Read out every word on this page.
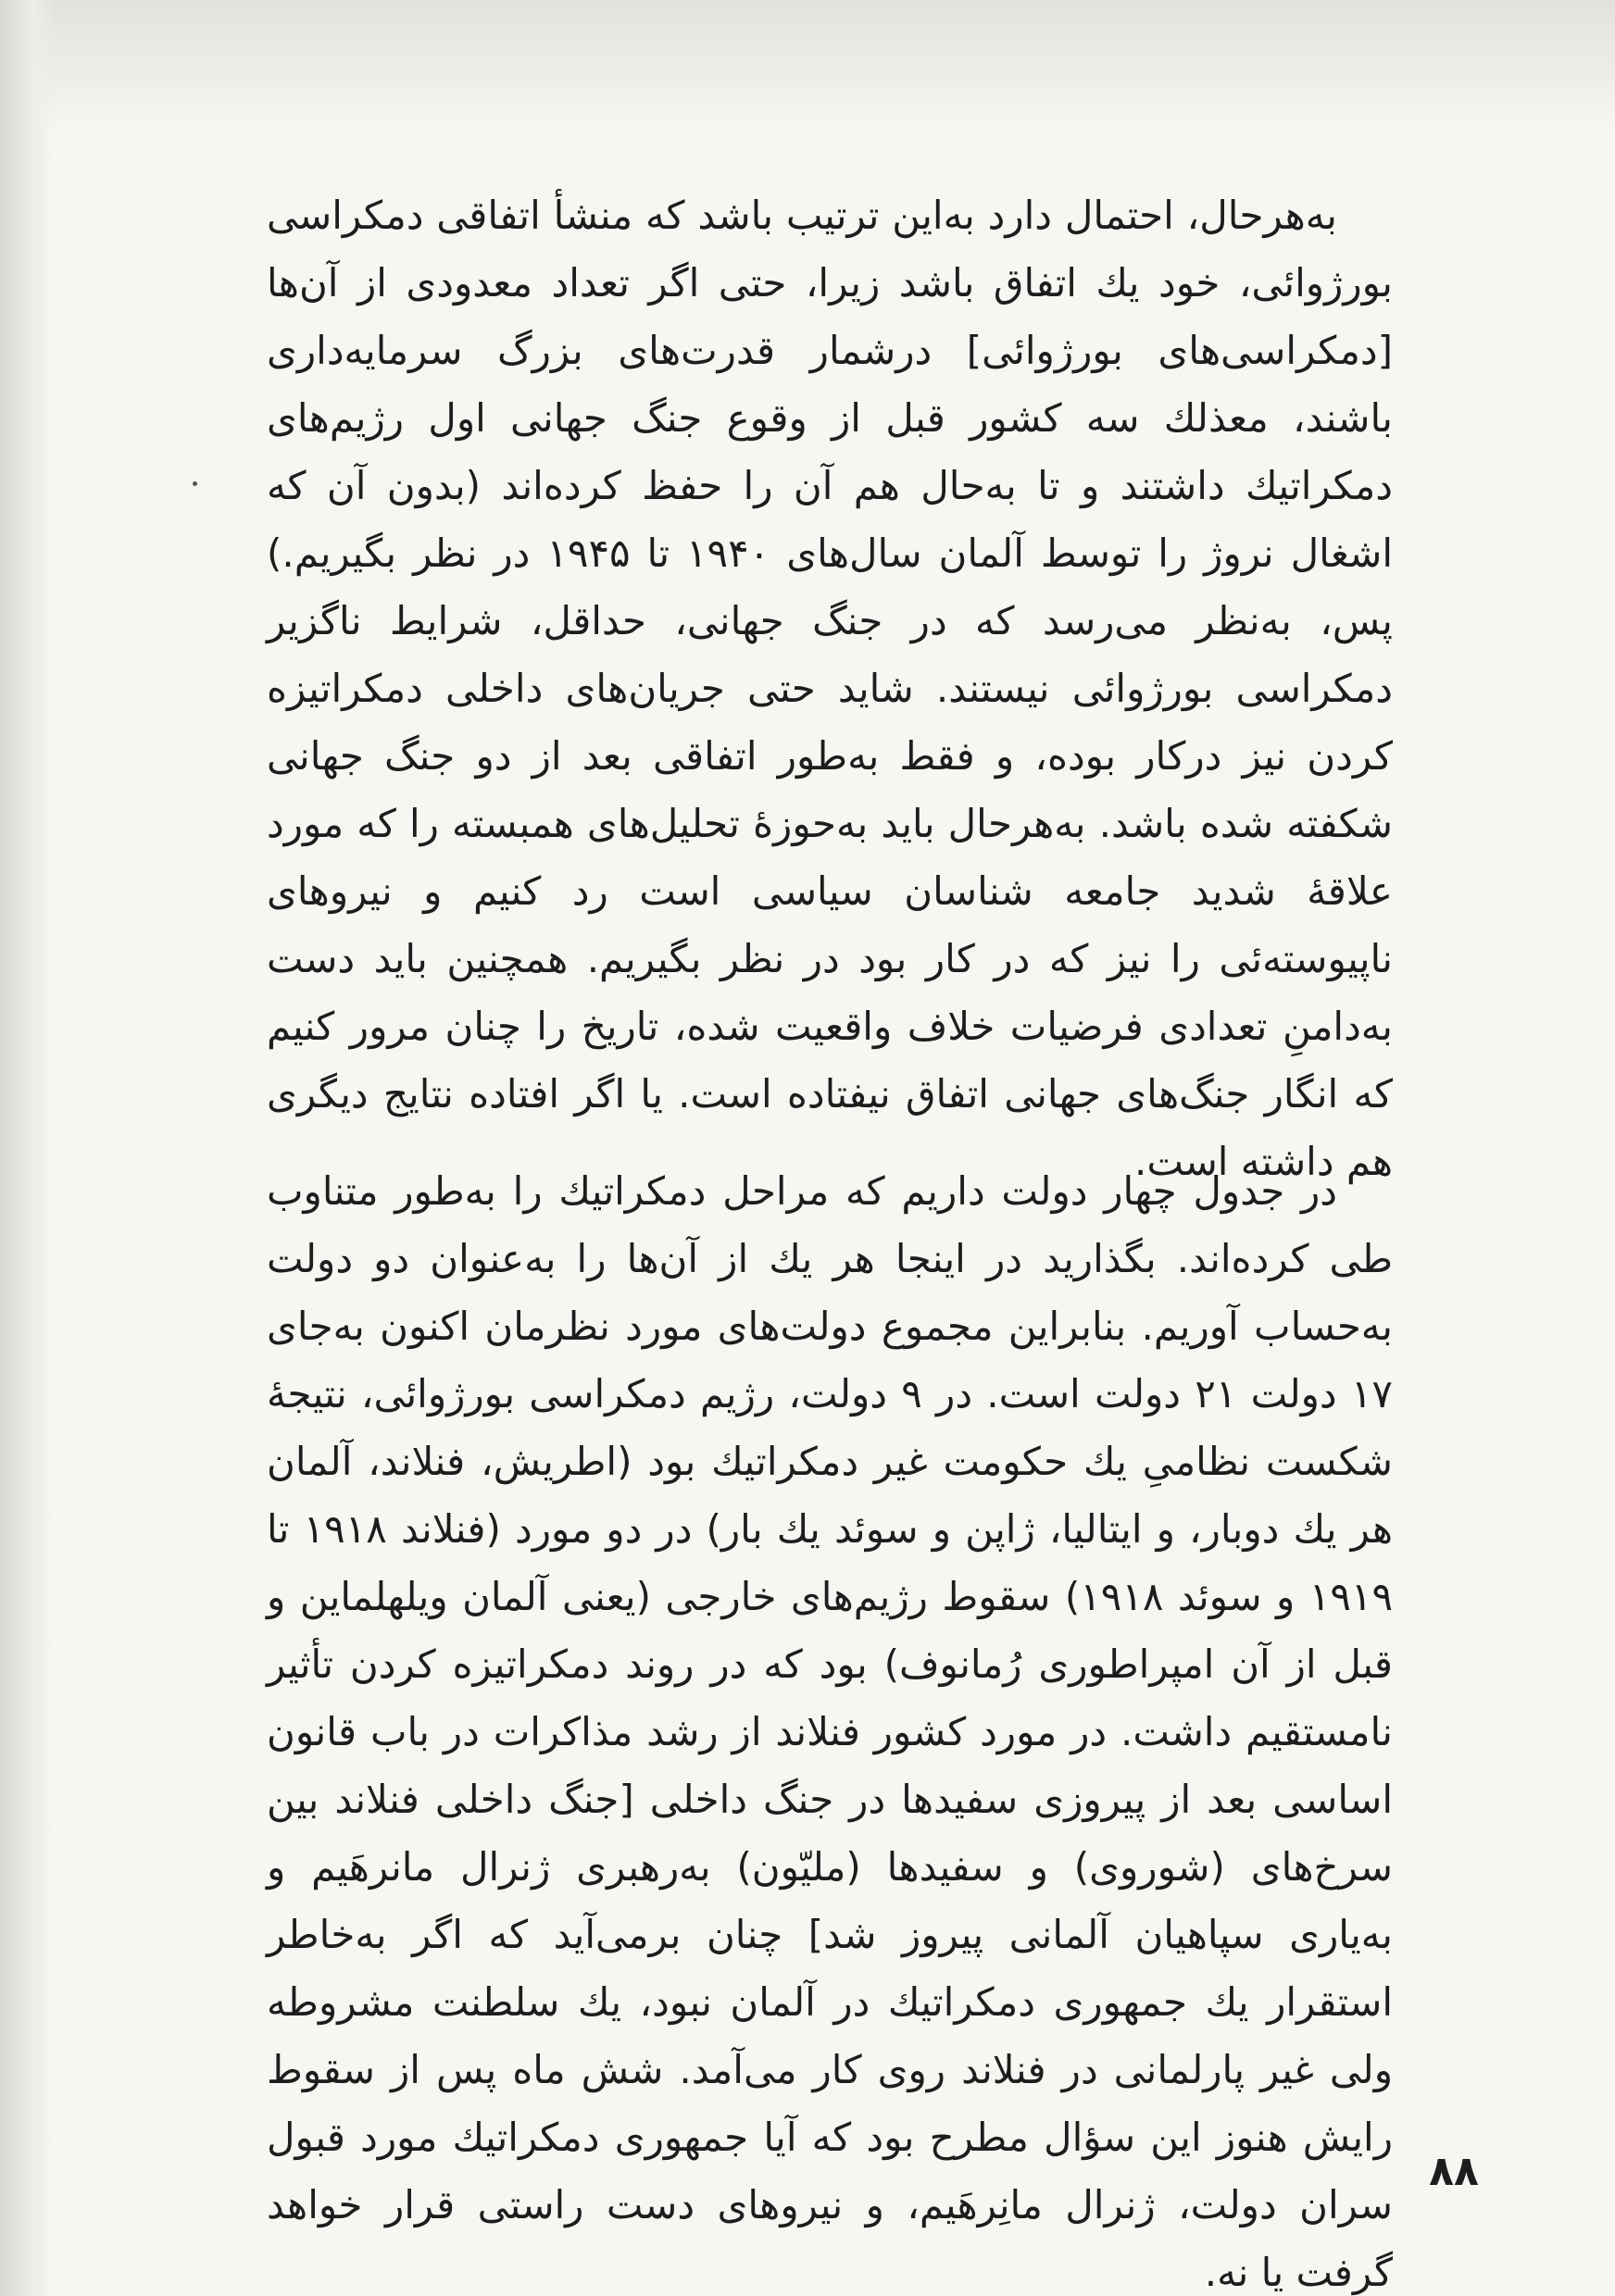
به‌هرحال، احتمال دارد به‌این ترتیب باشد که منشأ اتفاقی دمکراسی بورژوائی، خود یك اتفاق باشد زیرا، حتی اگر تعداد معدودی از آن‌ها [دمکراسی‌های بورژوائی] درشمار قدرت‌های بزرگ سرمایه‌داری باشند، معذلك سه کشور قبل از وقوع جنگ جهانی اول رژیم‌های دمکراتیك داشتند و تا به‌حال هم آن را حفظ کرده‌اند (بدون آن که اشغال نروژ را توسط آلمان سال‌های ۱۹۴۰ تا ۱۹۴۵ در نظر بگیریم.) پس، به‌نظر می‌رسد که در جنگ جهانی، حداقل، شرایط ناگزیر دمکراسی بورژوائی نیستند. شاید حتی جریان‌های داخلی دمکراتیزه کردن نیز درکار بوده، و فقط به‌طور اتفاقی بعد از دو جنگ جهانی شکفته شده باشد. به‌هرحال باید به‌حوزهٔ تحلیل‌های همبسته را که مورد علاقهٔ شدید جامعه شناسان سیاسی است رد کنیم و نیروهای ناپیوسته‌ئی را نیز که در کار بود در نظر بگیریم. همچنین باید دست به‌دامنِ تعدادی فرضیات خلاف واقعیت شده، تاریخ را چنان مرور کنیم که انگار جنگ‌های جهانی اتفاق نیفتاده است. یا اگر افتاده نتایج دیگری هم داشته است.

در جدول چهار دولت داریم که مراحل دمکراتیك را به‌طور متناوب طی کرده‌اند. بگذارید در اینجا هر یك از آن‌ها را به‌عنوان دو دولت به‌حساب آوریم. بنابراین مجموع دولت‌های مورد نظرمان اکنون به‌جای ۱۷ دولت ۲۱ دولت است. در ۹ دولت، رژیم دمکراسی بورژوائی، نتیجهٔ شکست نظامیِ یك حکومت غیر دمکراتیك بود (اطریش، فنلاند، آلمان هر یك دوبار، و ایتالیا، ژاپن و سوئد یك بار) در دو مورد (فنلاند ۱۹۱۸ تا ۱۹۱۹ و سوئد ۱۹۱۸) سقوط رژیم‌های خارجی (یعنی آلمان ویلهلماین و قبل از آن امپراطوری رُمانوف) بود که در روند دمکراتیزه کردن تأثیر نامستقیم داشت. در مورد کشور فنلاند از رشد مذاکرات در باب قانون اساسی بعد از پیروزی سفیدها در جنگ داخلی [جنگ داخلی فنلاند بین سرخ‌های (شوروی) و سفیدها (ملیّون) به‌رهبری ژنرال مانرهَیم و به‌یاری سپاهیان آلمانی پیروز شد] چنان برمی‌آید که اگر به‌خاطر استقرار یك جمهوری دمکراتیك در آلمان نبود، یك سلطنت مشروطه ولی غیر پارلمانی در فنلاند روی کار می‌آمد. شش ماه پس از سقوط رایش هنوز این سؤال مطرح بود که آیا جمهوری دمکراتیك مورد قبول سران دولت، ژنرال مانِرهَیم، و نیروهای دست راستی قرار خواهد گرفت یا نه.

۸۸
